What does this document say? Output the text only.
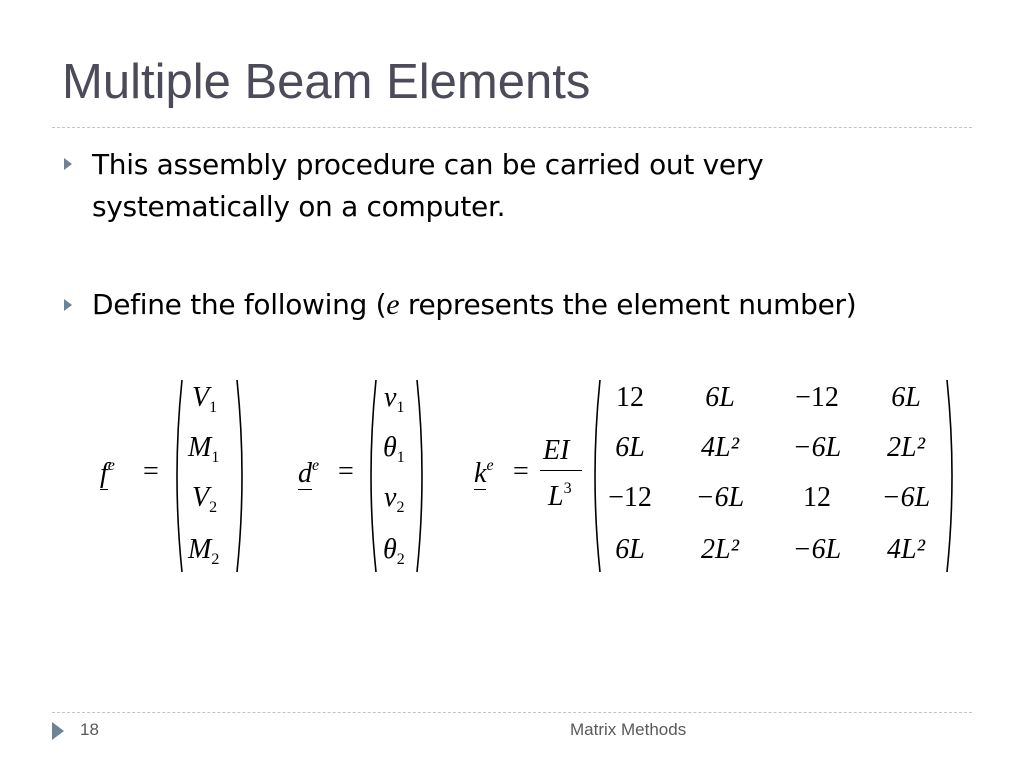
Multiple Beam Elements
This assembly procedure can be carried out very
systematically on a computer.
Define the following (e represents the element number)
$f^e$ =
$V_1$
$M_1$
$V_2$
$M_2$
$d^e$ =
$v_1$
$\theta_1$
$v_2$
$\theta_2$
$k^e$ =
EI
$L^3$
12	6L	−12	6L
6L	4L²	−6L	2L²
−12	−6L	12	−6L
6L	2L²	−6L	4L²
18	Matrix Methods
